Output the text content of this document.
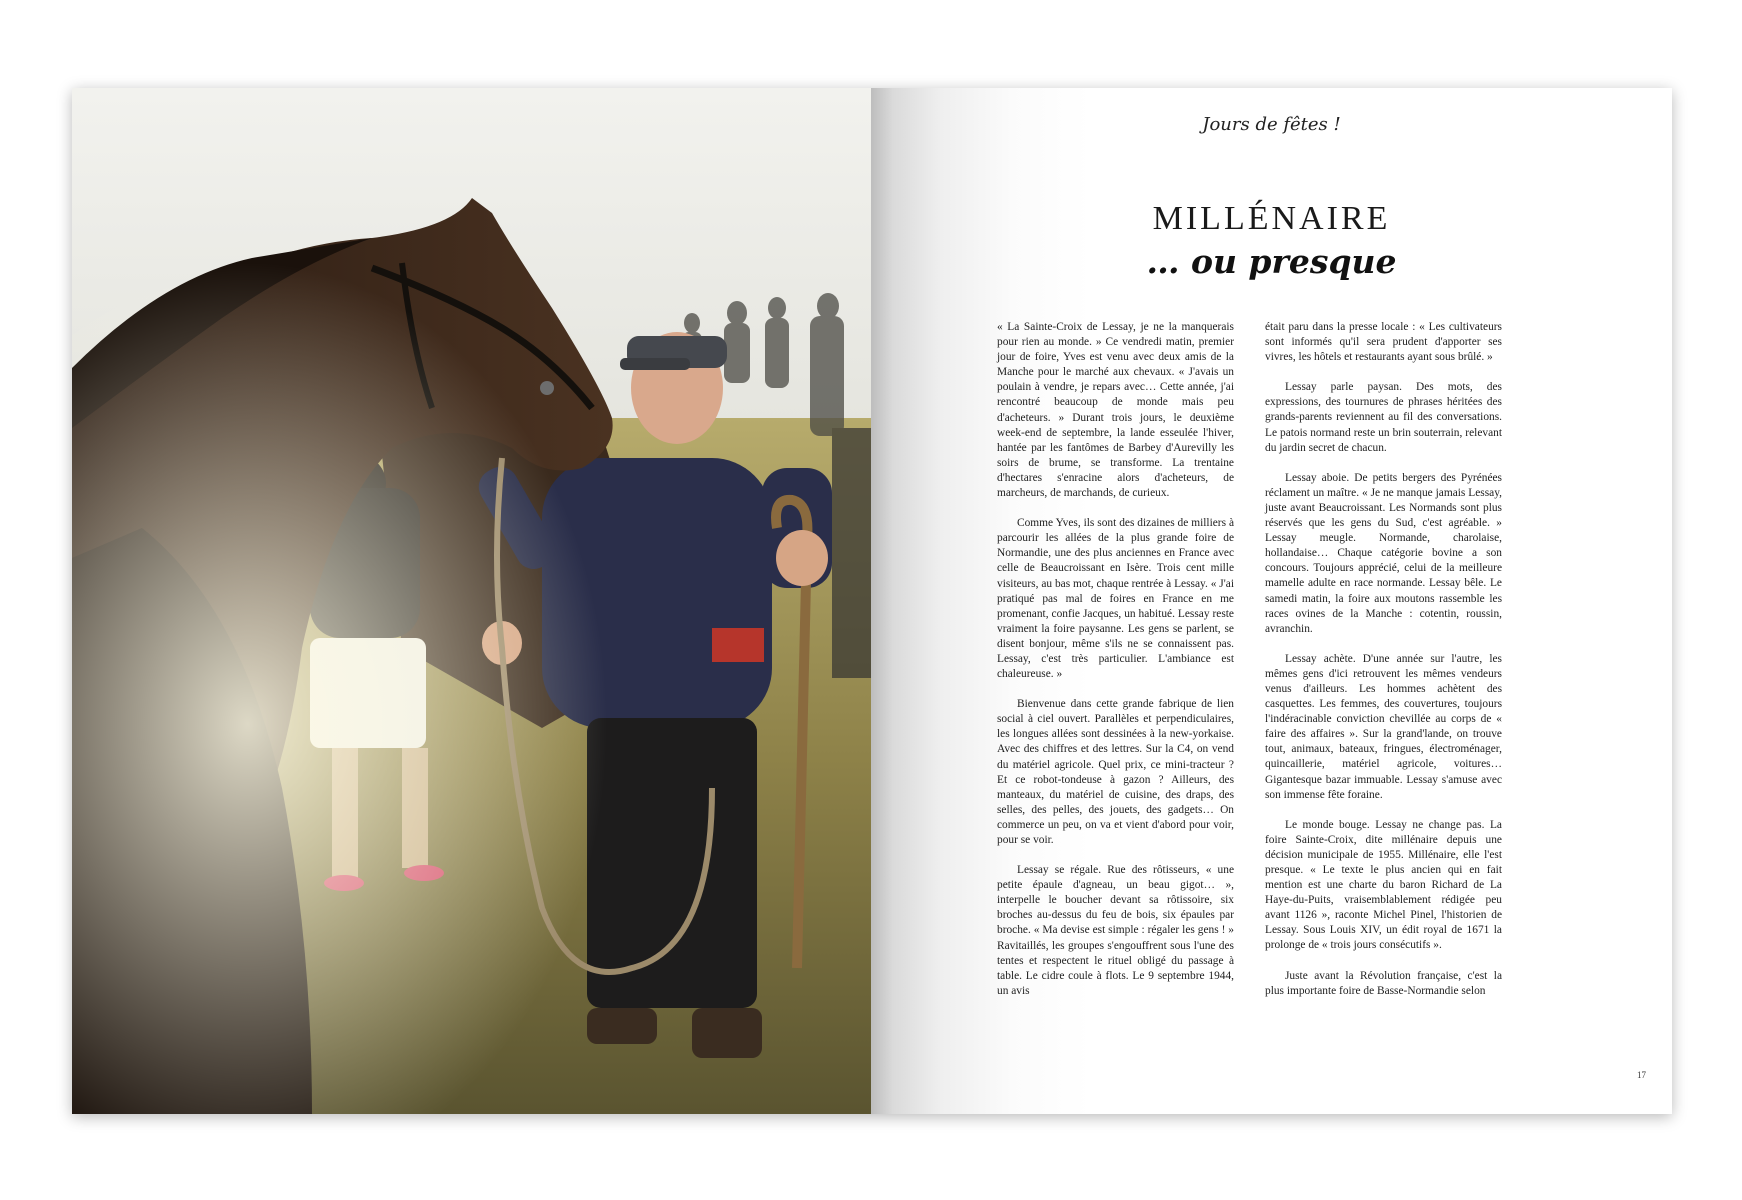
Jours de fêtes !
MILLÉNAIRE
… ou presque

« La Sainte-Croix de Lessay, je ne la manquerais pour rien au monde. » Ce vendredi matin, premier jour de foire, Yves est venu avec deux amis de la Manche pour le marché aux chevaux. « J'avais un poulain à vendre, je repars avec… Cette année, j'ai rencontré beaucoup de monde mais peu d'acheteurs. » Durant trois jours, le deuxième week-end de septembre, la lande esseulée l'hiver, hantée par les fantômes de Barbey d'Aurevilly les soirs de brume, se transforme. La trentaine d'hectares s'enracine alors d'acheteurs, de marcheurs, de marchands, de curieux.

Comme Yves, ils sont des dizaines de milliers à parcourir les allées de la plus grande foire de Normandie, une des plus anciennes en France avec celle de Beaucroissant en Isère. Trois cent mille visiteurs, au bas mot, chaque rentrée à Lessay. « J'ai pratiqué pas mal de foires en France en me promenant, confie Jacques, un habitué. Lessay reste vraiment la foire paysanne. Les gens se parlent, se disent bonjour, même s'ils ne se connaissent pas. Lessay, c'est très particulier. L'ambiance est chaleureuse. »

Bienvenue dans cette grande fabrique de lien social à ciel ouvert. Parallèles et perpendiculaires, les longues allées sont dessinées à la new-yorkaise. Avec des chiffres et des lettres. Sur la C4, on vend du matériel agricole. Quel prix, ce mini-tracteur ? Et ce robot-tondeuse à gazon ? Ailleurs, des manteaux, du matériel de cuisine, des draps, des selles, des pelles, des jouets, des gadgets… On commerce un peu, on va et vient d'abord pour voir, pour se voir.

Lessay se régale. Rue des rôtisseurs, « une petite épaule d'agneau, un beau gigot… », interpelle le boucher devant sa rôtissoire, six broches au-dessus du feu de bois, six épaules par broche. « Ma devise est simple : régaler les gens ! » Ravitaillés, les groupes s'engouffrent sous l'une des tentes et respectent le rituel obligé du passage à table. Le cidre coule à flots. Le 9 septembre 1944, un avis

était paru dans la presse locale : « Les cultivateurs sont informés qu'il sera prudent d'apporter ses vivres, les hôtels et restaurants ayant sous brûlé. »

Lessay parle paysan. Des mots, des expressions, des tournures de phrases héritées des grands-parents reviennent au fil des conversations. Le patois normand reste un brin souterrain, relevant du jardin secret de chacun.

Lessay aboie. De petits bergers des Pyrénées réclament un maître. « Je ne manque jamais Lessay, juste avant Beaucroissant. Les Normands sont plus réservés que les gens du Sud, c'est agréable. » Lessay meugle. Normande, charolaise, hollandaise… Chaque catégorie bovine a son concours. Toujours apprécié, celui de la meilleure mamelle adulte en race normande. Lessay bêle. Le samedi matin, la foire aux moutons rassemble les races ovines de la Manche : cotentin, roussin, avranchin.

Lessay achète. D'une année sur l'autre, les mêmes gens d'ici retrouvent les mêmes vendeurs venus d'ailleurs. Les hommes achètent des casquettes. Les femmes, des couvertures, toujours l'indéracinable conviction chevillée au corps de « faire des affaires ». Sur la grand'lande, on trouve tout, animaux, bateaux, fringues, électroménager, quincaillerie, matériel agricole, voitures… Gigantesque bazar immuable. Lessay s'amuse avec son immense fête foraine.

Le monde bouge. Lessay ne change pas. La foire Sainte-Croix, dite millénaire depuis une décision municipale de 1955. Millénaire, elle l'est presque. « Le texte le plus ancien qui en fait mention est une charte du baron Richard de La Haye-du-Puits, vraisemblablement rédigée peu avant 1126 », raconte Michel Pinel, l'historien de Lessay. Sous Louis XIV, un édit royal de 1671 la prolonge de « trois jours consécutifs ».

Juste avant la Révolution française, c'est la plus importante foire de Basse-Normandie selon

17
